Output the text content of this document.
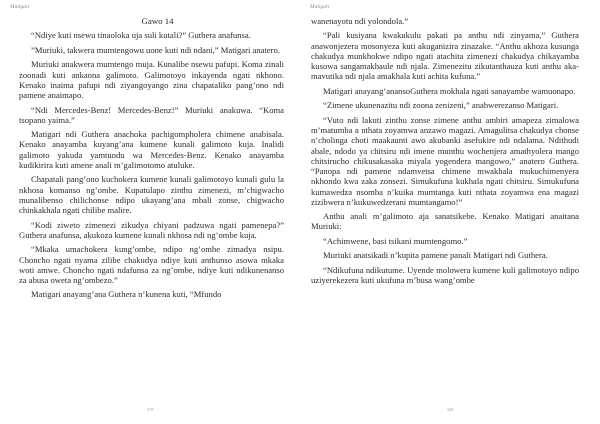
Matigari

Gawo 14

“Ndiye kuti nsewu tinaoloka uja suli kutali?” Guthera anafunsa.

”Muriuki, takwera mumtengowu uone kuti ndi ndani,” Matigari anatero.

Muriuki anakwera mumtengo muja. Kunalibe nsewu pafupi. Koma zinali zoonadi kuti ankaona galimoto. Galimotoyo inkayenda ngati nkhono. Kenako inaima pafupi ndi ziyangoyango zina chapataliko pang’ono ndi pamene anaimapo.

“Ndi Mercedes-Benz! Mercedes-Benz!” Muriuki anakuwa. “Koma tsopano yaima.”

Matigari ndi Guthera anachoka pachigompholera chimene anabisala. Kenako anayamba kuyang’ana kumene kunali galimoto kuja. Inalidi galimoto yakuda yamtundu wa Mercedes-Benz. Kenako anayamba kudikirira kuti amene anali m’galimotomo atuluke.

Chapatali pang’ono kuchokera kumene kunali galimotoyo kunali gulu la nkhosa komanso ng’ombe. Kupatulapo zinthu zimenezi, m’chigwacho munalibenso chilichonse ndipo ukayang’ana mbali zonse, chigwacho chinkakhala ngati chilibe malire.

“Kodi ziweto zimenezi zikudya chiyani padzuwa ngati pamenepa?” Guthera anafunsa, akukoza kumene kunali nkhosa ndi ng’ombe kuja.

“Mkaka umachokera kung’ombe, ndipo ng’ombe zimadya nsipu. Choncho ngati nyama zilibe chakudya ndiye kuti anthunso asowa mkaka woti amwe. Choncho ngati ndafunsa za ng’ombe, ndiye kuti ndikunenanso za abusa oweta ng’ombezo.”

Matigari anayang’ana Guthera n’kunena kuti, “Mfundo

319
Matigari

wanenayotu ndi yolondola.”

“Pali kusiyana kwakukulu pakati pa anthu ndi zinyama,” Guthera anawonjezera mosonyeza kuti akuganizira zinazake. “Anthu akhoza kusunga chakudya munkhokwe ndipo ngati atachita zimenezi chakudya chikayamba kusowa sangamakhaule ndi njala. Zimenezitu zikutanthauza kuti anthu akamavutika ndi njala amakhala kuti achita kufuna.”

Matigari anayang’anansoGuthera mokhala ngati sanayambe wamuonapo.

“Zimene ukunenazitu ndi zoona zenizeni,” anabwerezanso Matigari.

“Vuto ndi lakuti zinthu zonse zimene anthu ambiri amapeza zimalowa m’matumba a nthata zoyamwa anzawo magazi. Amagulitsa chakudya chonse n’cholinga choti maakaunti awo akubanki asefukire ndi ndalama. Ndithudi abale, ndodo ya chitsiru ndi imene munthu wochenjera amathyolera mango chitsirucho chikusakasaka miyala yogendera mangowo,” anatero Guthera. “Panopa ndi pamene ndamvetsa chimene mwakhala mukuchimenyera nkhondo kwa zaka zonsezi. Simukufuna kukhala ngati chitsiru. Simukufuna kumawedza nsomba n’kuika mumtanga kuti nthata zoyamwa ena magazi zizibwera n’kukuwedzerani mumtangamo!”

Anthu anali m’galimoto aja sanatsikebe. Kenako Matigari anaitana Muriuki:

“Achimwene, basi tsikani mumtengomo.”

Muriuki anatsikadi n’kupita pamene panali Matigari ndi Guthera.

“Ndikufuna ndikutume. Uyende molowera kumene kuli galimotoyo ndipo uziyerekezera kuti ukufuna m’busa wang’ombe

320
